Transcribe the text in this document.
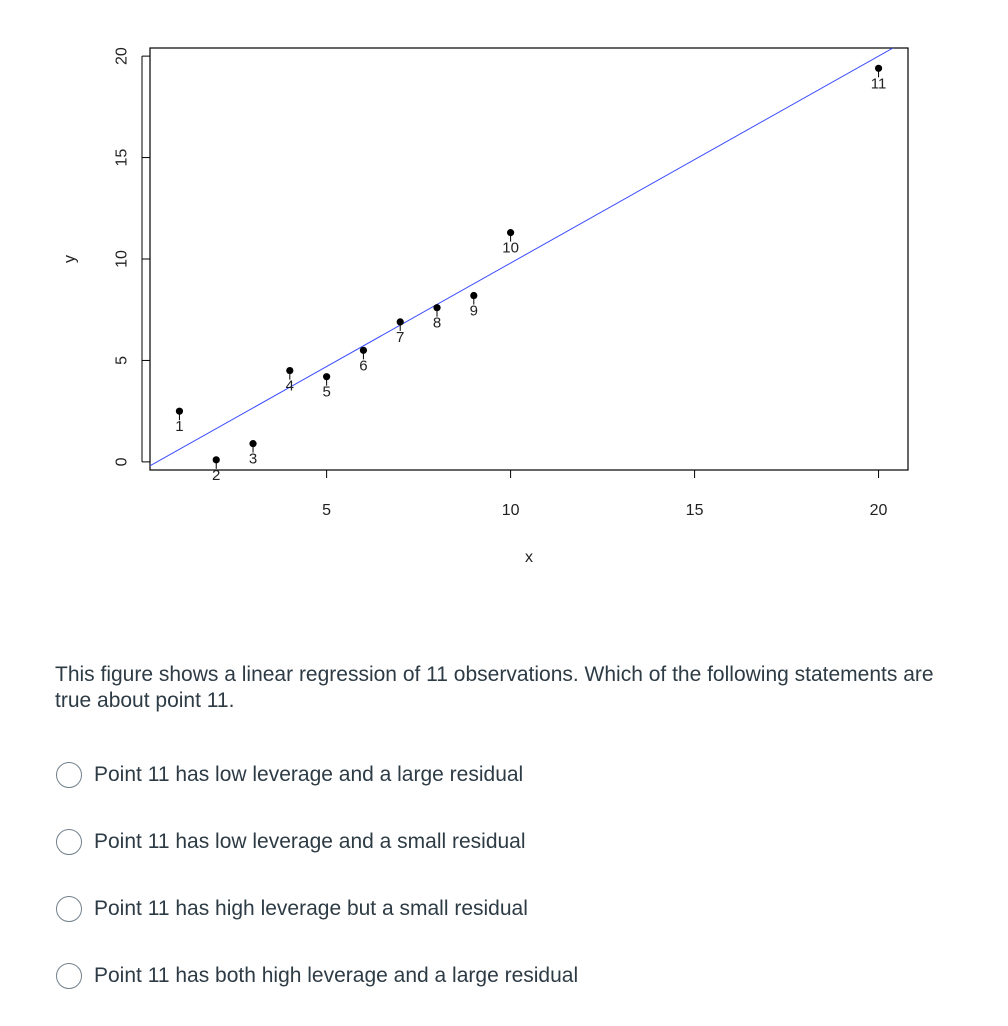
5	10	15	20
0
5
10
15
20
x
y
1
2
3
4 5
6
7
8
9
10
11
This figure shows a linear regression of 11 observations. Which of the following statements are true about point 11.
Point 11 has low leverage and a large residual
Point 11 has low leverage and a small residual
Point 11 has high leverage but a small residual
Point 11 has both high leverage and a large residual
